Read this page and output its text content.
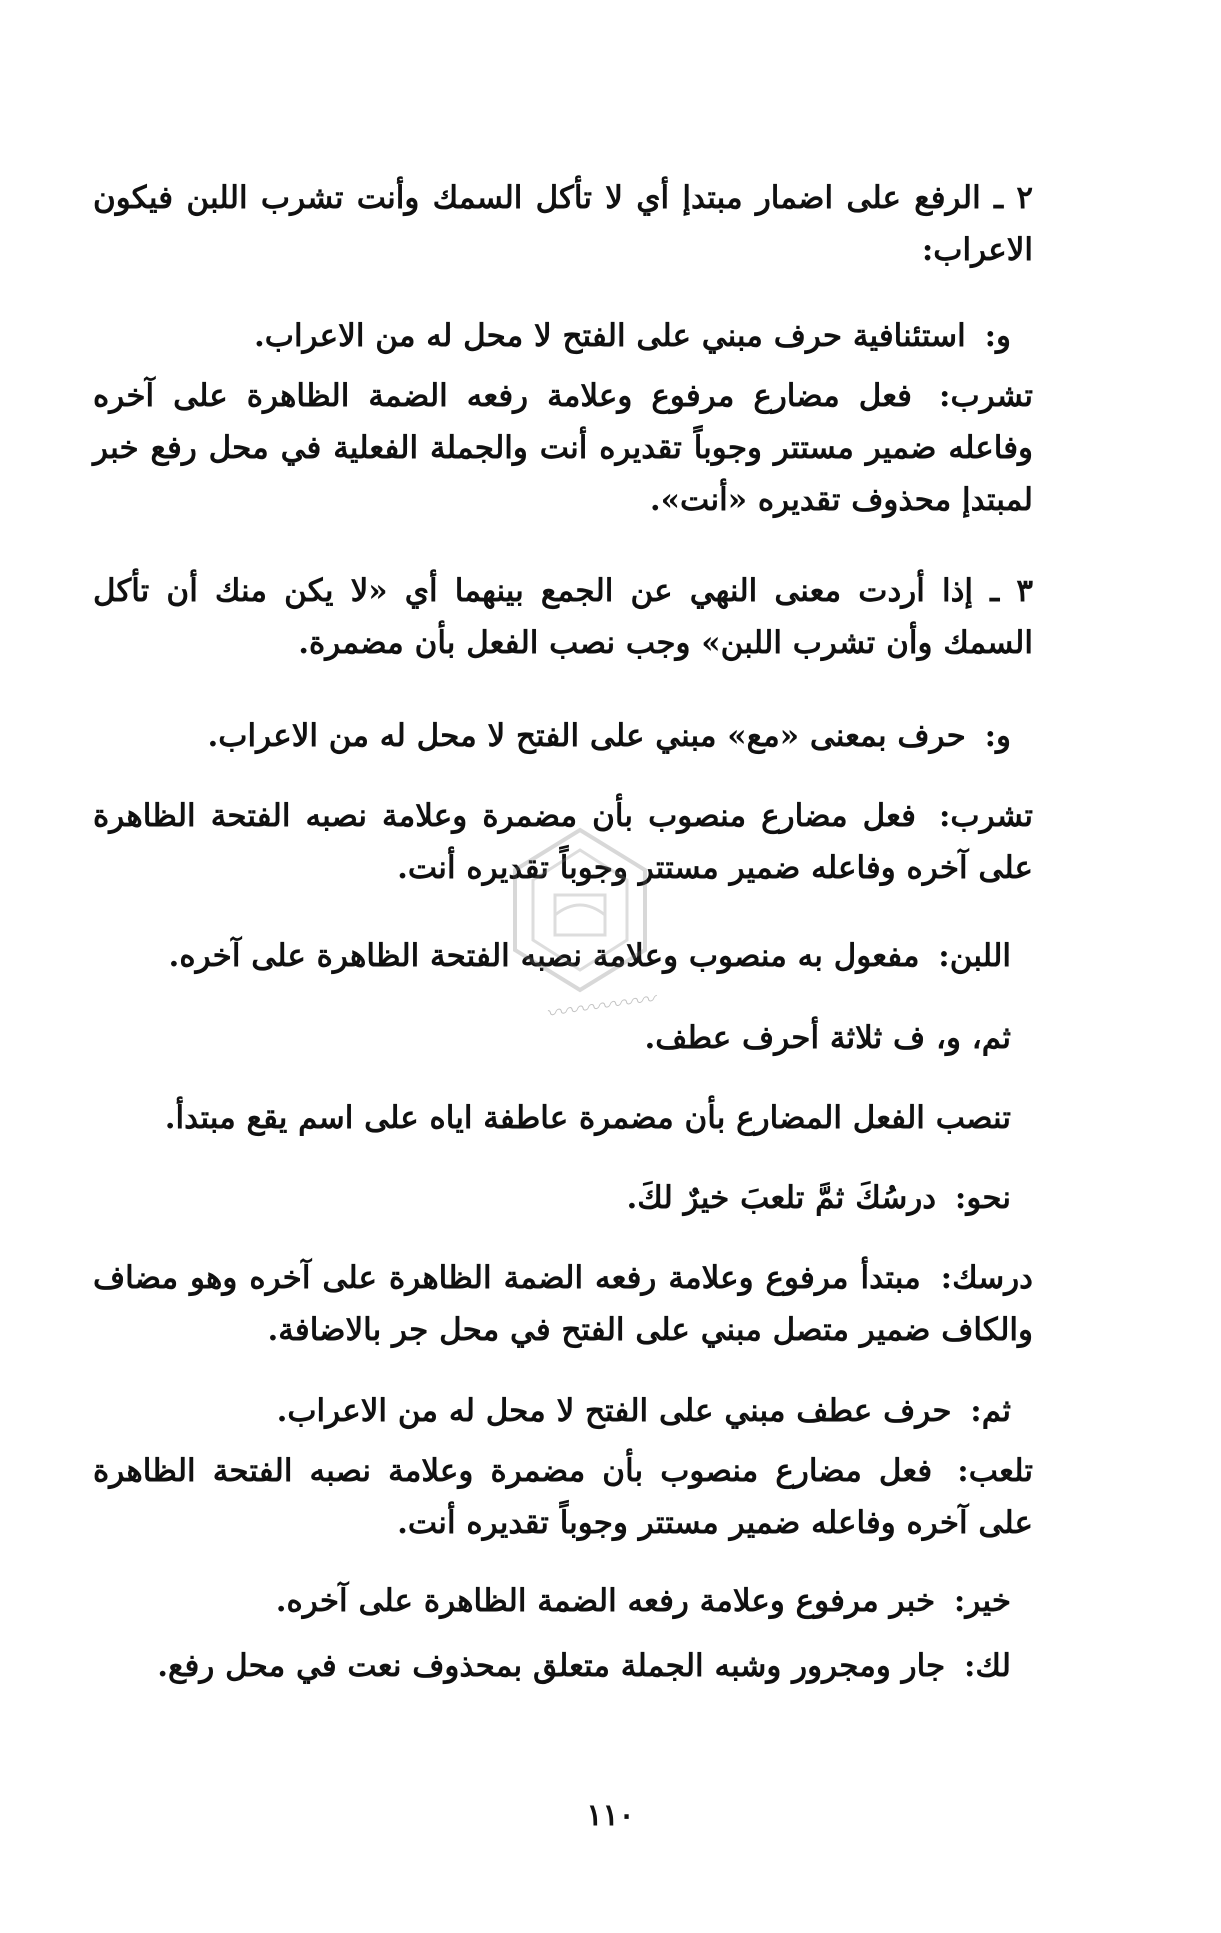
٢ ـ الرفع على اضمار مبتدإ أي لا تأكل السمك وأنت تشرب اللبن فيكون الاعراب:
و: استئنافية حرف مبني على الفتح لا محل له من الاعراب.
تشرب: فعل مضارع مرفوع وعلامة رفعه الضمة الظاهرة على آخره وفاعله ضمير مستتر وجوباً تقديره أنت والجملة الفعلية في محل رفع خبر لمبتدإ محذوف تقديره «أنت».
٣ ـ إذا أردت معنى النهي عن الجمع بينهما أي «لا يكن منك أن تأكل السمك وأن تشرب اللبن» وجب نصب الفعل بأن مضمرة.
و: حرف بمعنى «مع» مبني على الفتح لا محل له من الاعراب.
تشرب: فعل مضارع منصوب بأن مضمرة وعلامة نصبه الفتحة الظاهرة على آخره وفاعله ضمير مستتر وجوباً تقديره أنت.
اللبن: مفعول به منصوب وعلامة نصبه الفتحة الظاهرة على آخره.
ثم، و، ف ثلاثة أحرف عطف.
تنصب الفعل المضارع بأن مضمرة عاطفة اياه على اسم يقع مبتدأ.
نحو: درسُكَ ثمَّ تلعبَ خيرٌ لكَ.
درسك: مبتدأ مرفوع وعلامة رفعه الضمة الظاهرة على آخره وهو مضاف والكاف ضمير متصل مبني على الفتح في محل جر بالاضافة.
ثم: حرف عطف مبني على الفتح لا محل له من الاعراب.
تلعب: فعل مضارع منصوب بأن مضمرة وعلامة نصبه الفتحة الظاهرة على آخره وفاعله ضمير مستتر وجوباً تقديره أنت.
خير: خبر مرفوع وعلامة رفعه الضمة الظاهرة على آخره.
لك: جار ومجرور وشبه الجملة متعلق بمحذوف نعت في محل رفع.
〰〰〰〰〰
١١٠
